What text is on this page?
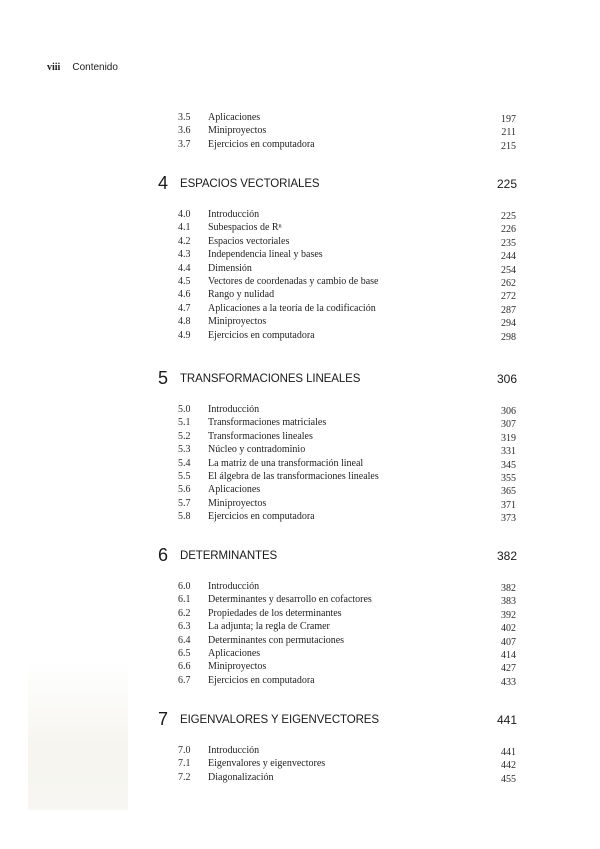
viii Contenido
3.5 Aplicaciones	197
3.6 Miniproyectos	211
3.7 Ejercicios en computadora	215
4 ESPACIOS VECTORIALES	225
4.0 Introducción	225
4.1 Subespacios de Rⁿ	226
4.2 Espacios vectoriales	235
4.3 Independencia lineal y bases	244
4.4 Dimensión	254
4.5 Vectores de coordenadas y cambio de base	262
4.6 Rango y nulidad	272
4.7 Aplicaciones a la teoría de la codificación	287
4.8 Miniproyectos	294
4.9 Ejercicios en computadora	298
5 TRANSFORMACIONES LINEALES	306
5.0 Introducción	306
5.1 Transformaciones matriciales	307
5.2 Transformaciones lineales	319
5.3 Núcleo y contradominio	331
5.4 La matriz de una transformación lineal	345
5.5 El álgebra de las transformaciones lineales	355
5.6 Aplicaciones	365
5.7 Miniproyectos	371
5.8 Ejercicios en computadora	373
6 DETERMINANTES	382
6.0 Introducción	382
6.1 Determinantes y desarrollo en cofactores	383
6.2 Propiedades de los determinantes	392
6.3 La adjunta; la regla de Cramer	402
6.4 Determinantes con permutaciones	407
6.5 Aplicaciones	414
6.6 Miniproyectos	427
6.7 Ejercicios en computadora	433
7 EIGENVALORES Y EIGENVECTORES	441
7.0 Introducción	441
7.1 Eigenvalores y eigenvectores	442
7.2 Diagonalización	455
